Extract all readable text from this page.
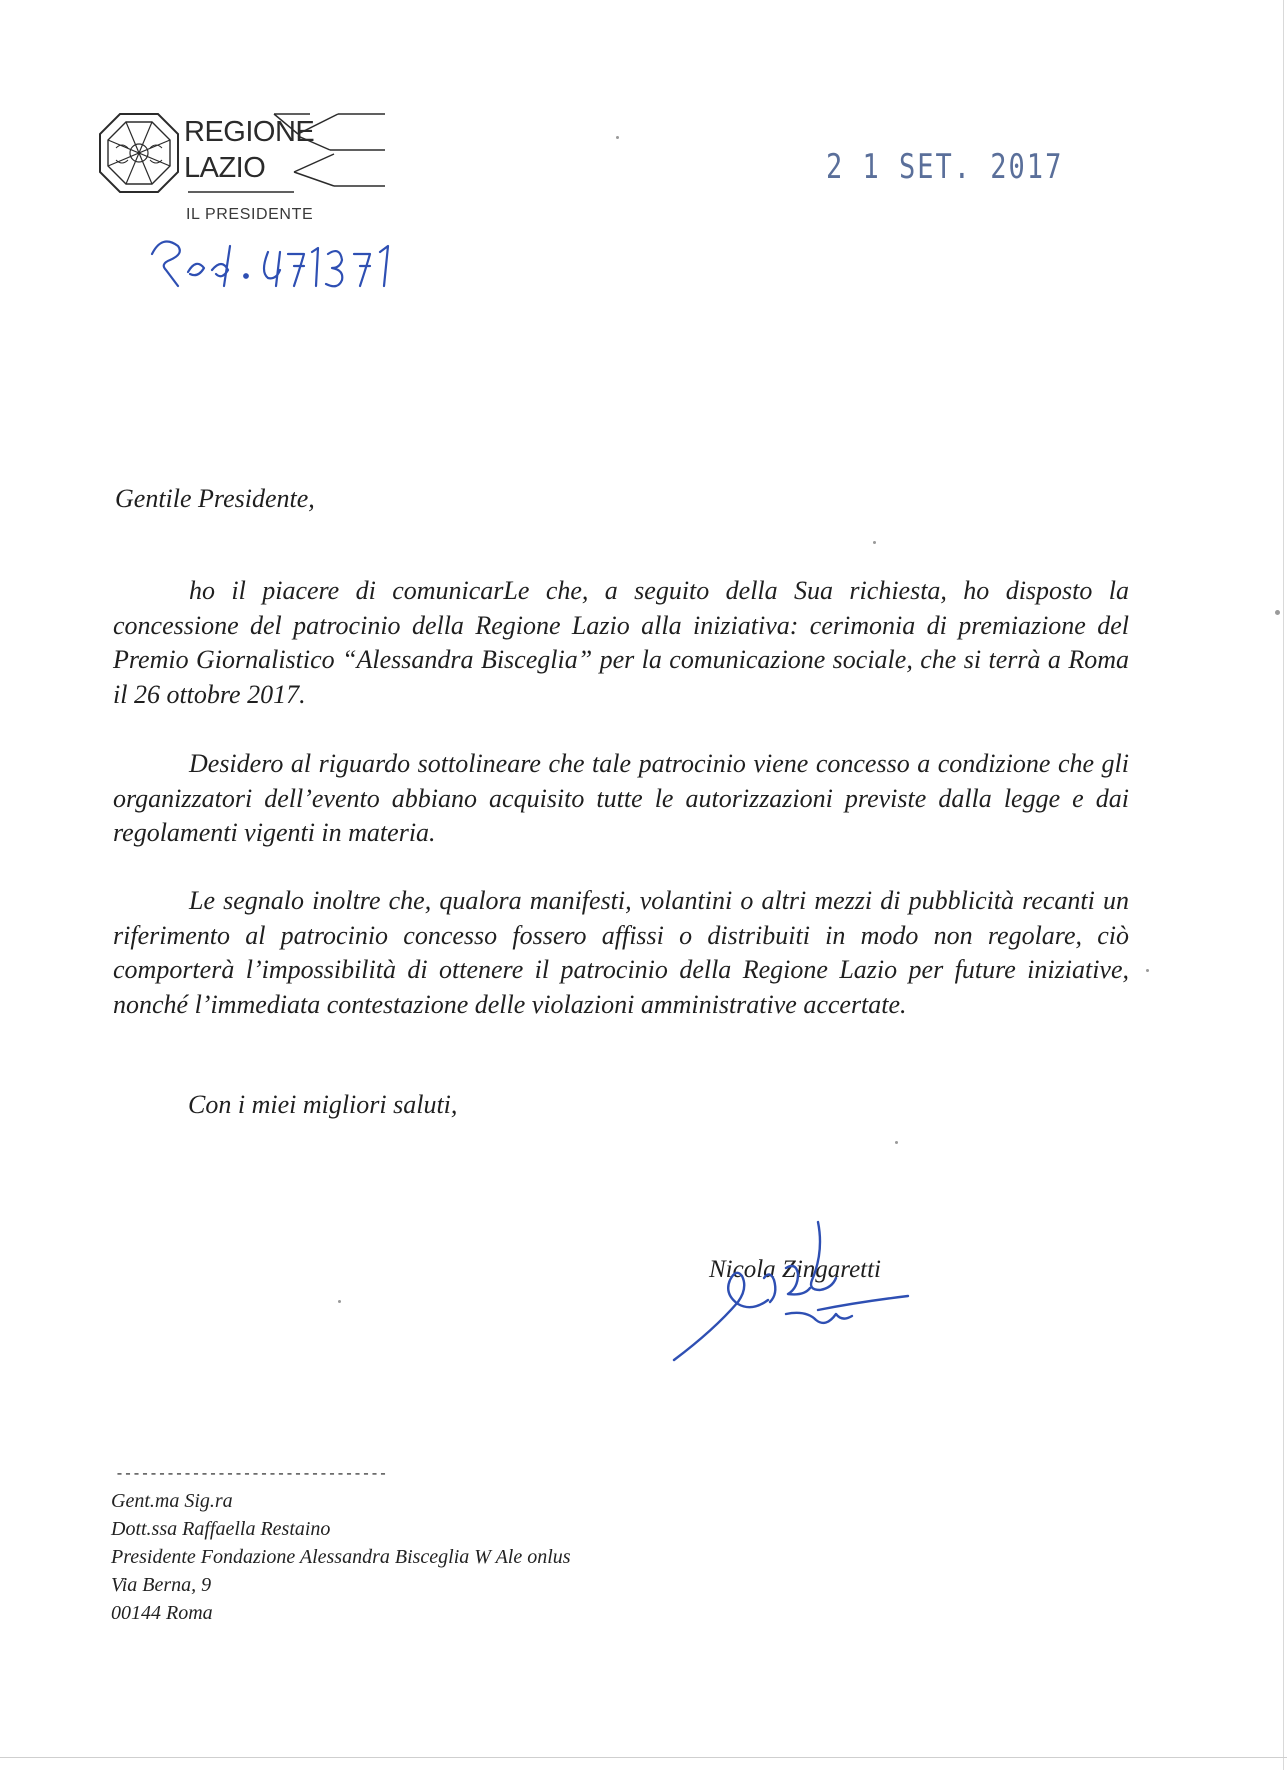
REGIONE
LAZIO
IL PRESIDENTE
2 1 SET. 2017
Gentile Presidente,

ho il piacere di comunicarLe che, a seguito della Sua richiesta, ho disposto la concessione del patrocinio della Regione Lazio alla iniziativa: cerimonia di premiazione del Premio Giornalistico “Alessandra Bisceglia” per la comunicazione sociale, che si terrà a Roma il 26 ottobre 2017.

Desidero al riguardo sottolineare che tale patrocinio viene concesso a condizione che gli organizzatori dell’evento abbiano acquisito tutte le autorizzazioni previste dalla legge e dai regolamenti vigenti in materia.

Le segnalo inoltre che, qualora manifesti, volantini o altri mezzi di pubblicità recanti un riferimento al patrocinio concesso fossero affissi o distribuiti in modo non regolare, ciò comporterà l’impossibilità di ottenere il patrocinio della Regione Lazio per future iniziative, nonché l’immediata contestazione delle violazioni amministrative accertate.

Con i miei migliori saluti,
Nicola Zingaretti
--------------------------------
Gent.ma Sig.ra
Dott.ssa Raffaella Restaino
Presidente Fondazione Alessandra Bisceglia W Ale onlus
Via Berna, 9
00144 Roma
